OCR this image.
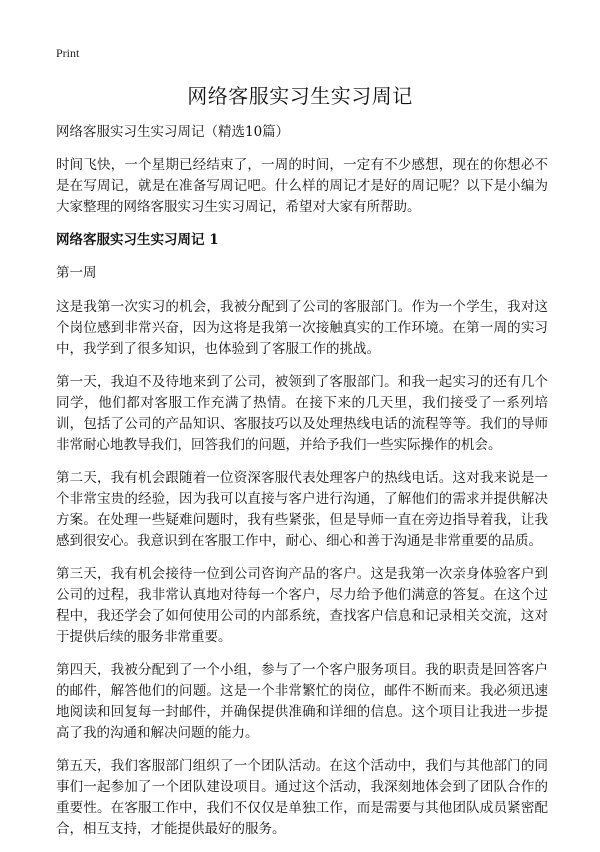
Print
网络客服实习生实习周记

网络客服实习生实习周记（精选10篇）

时间飞快，一个星期已经结束了，一周的时间，一定有不少感想，现在的你想必不是在写周记，就是在准备写周记吧。什么样的周记才是好的周记呢？以下是小编为大家整理的网络客服实习生实习周记，希望对大家有所帮助。

网络客服实习生实习周记 1

第一周

这是我第一次实习的机会，我被分配到了公司的客服部门。作为一个学生，我对这个岗位感到非常兴奋，因为这将是我第一次接触真实的工作环境。在第一周的实习中，我学到了很多知识，也体验到了客服工作的挑战。

第一天，我迫不及待地来到了公司，被领到了客服部门。和我一起实习的还有几个同学，他们都对客服工作充满了热情。在接下来的几天里，我们接受了一系列培训，包括了公司的产品知识、客服技巧以及处理热线电话的流程等等。我们的导师非常耐心地教导我们，回答我们的问题，并给予我们一些实际操作的机会。

第二天，我有机会跟随着一位资深客服代表处理客户的热线电话。这对我来说是一个非常宝贵的经验，因为我可以直接与客户进行沟通，了解他们的需求并提供解决方案。在处理一些疑难问题时，我有些紧张，但是导师一直在旁边指导着我，让我感到很安心。我意识到在客服工作中，耐心、细心和善于沟通是非常重要的品质。

第三天，我有机会接待一位到公司咨询产品的客户。这是我第一次亲身体验客户到公司的过程，我非常认真地对待每一个客户，尽力给予他们满意的答复。在这个过程中，我还学会了如何使用公司的内部系统，查找客户信息和记录相关交流，这对于提供后续的服务非常重要。

第四天，我被分配到了一个小组，参与了一个客户服务项目。我的职责是回答客户的邮件，解答他们的问题。这是一个非常繁忙的岗位，邮件不断而来。我必须迅速地阅读和回复每一封邮件，并确保提供准确和详细的信息。这个项目让我进一步提高了我的沟通和解决问题的能力。

第五天，我们客服部门组织了一个团队活动。在这个活动中，我们与其他部门的同事们一起参加了一个团队建设项目。通过这个活动，我深刻地体会到了团队合作的重要性。在客服工作中，我们不仅仅是单独工作，而是需要与其他团队成员紧密配合，相互支持，才能提供最好的服务。
